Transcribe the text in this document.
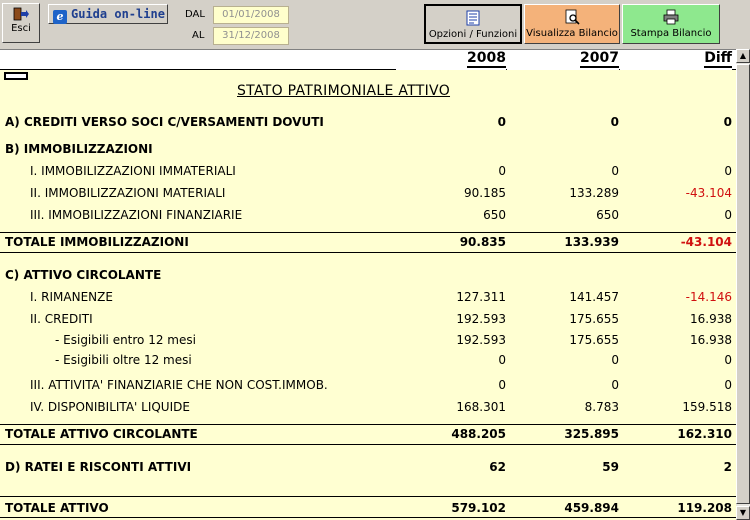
Esci
e Guida on-line	DAL	01/01/2008
AL	31/12/2008	Opzioni / Funzioni Visualizza Bilancio	Stampa Bilancio
2008	2007	Diff
STATO PATRIMONIALE ATTIVO
A) CREDITI VERSO SOCI C/VERSAMENTI DOVUTI	0	0	0
B) IMMOBILIZZAZIONI
I. IMMOBILIZZAZIONI IMMATERIALI	0	0	0
II. IMMOBILIZZAZIONI MATERIALI	90.185	133.289	-43.104
III. IMMOBILIZZAZIONI FINANZIARIE	650	650	0
TOTALE IMMOBILIZZAZIONI	90.835	133.939	-43.104
C) ATTIVO CIRCOLANTE
I. RIMANENZE	127.311	141.457	-14.146
II. CREDITI	192.593	175.655	16.938
- Esigibili entro 12 mesi	192.593	175.655	16.938
- Esigibili oltre 12 mesi	0	0	0
III. ATTIVITA' FINANZIARIE CHE NON COST.IMMOB.	0	0	0
IV. DISPONIBILITA' LIQUIDE	168.301	8.783	159.518
TOTALE ATTIVO CIRCOLANTE	488.205	325.895	162.310
D) RATEI E RISCONTI ATTIVI	62	59	2
TOTALE ATTIVO	579.102	459.894	119.208
▲
▼
